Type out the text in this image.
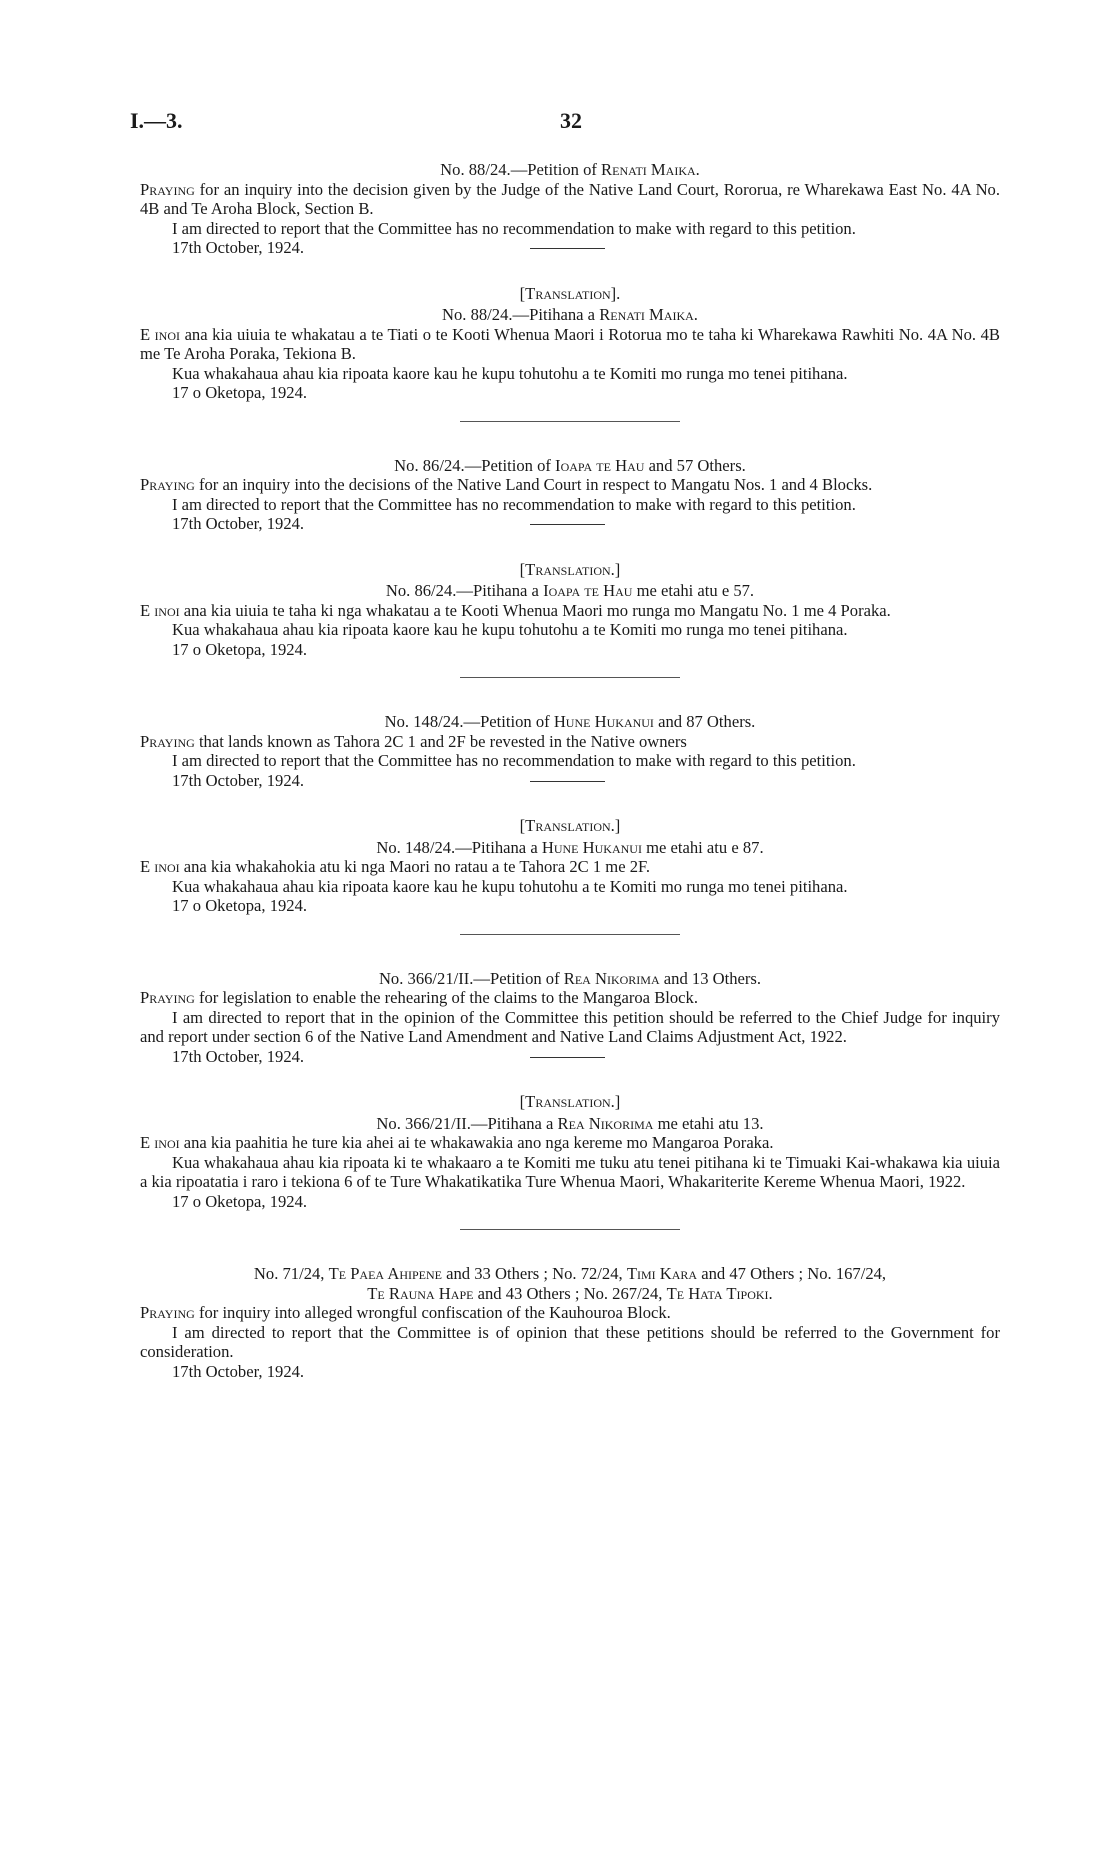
I.—3.	32

No. 88/24.—Petition of Renati Maika.

Praying for an inquiry into the decision given by the Judge of the Native Land Court, Rororua, re Wharekawa East No. 4A No. 4B and Te Aroha Block, Section B.

I am directed to report that the Committee has no recommendation to make with regard to this petition.

17th October, 1924.

[Translation].

No. 88/24.—Pitihana a Renati Maika.

E inoi ana kia uiuia te whakatau a te Tiati o te Kooti Whenua Maori i Rotorua mo te taha ki Wharekawa Rawhiti No. 4A No. 4B me Te Aroha Poraka, Tekiona B.

Kua whakahaua ahau kia ripoata kaore kau he kupu tohutohu a te Komiti mo runga mo tenei pitihana.

17 o Oketopa, 1924.

No. 86/24.—Petition of Ioapa te Hau and 57 Others.

Praying for an inquiry into the decisions of the Native Land Court in respect to Mangatu Nos. 1 and 4 Blocks.

I am directed to report that the Committee has no recommendation to make with regard to this petition.

17th October, 1924.

[Translation.]

No. 86/24.—Pitihana a Ioapa te Hau me etahi atu e 57.

E inoi ana kia uiuia te taha ki nga whakatau a te Kooti Whenua Maori mo runga mo Mangatu No. 1 me 4 Poraka.

Kua whakahaua ahau kia ripoata kaore kau he kupu tohutohu a te Komiti mo runga mo tenei pitihana.

17 o Oketopa, 1924.

No. 148/24.—Petition of Hune Hukanui and 87 Others.

Praying that lands known as Tahora 2C 1 and 2F be revested in the Native owners

I am directed to report that the Committee has no recommendation to make with regard to this petition.

17th October, 1924.

[Translation.]

No. 148/24.—Pitihana a Hune Hukanui me etahi atu e 87.

E inoi ana kia whakahokia atu ki nga Maori no ratau a te Tahora 2C 1 me 2F.

Kua whakahaua ahau kia ripoata kaore kau he kupu tohutohu a te Komiti mo runga mo tenei pitihana.

17 o Oketopa, 1924.

No. 366/21/II.—Petition of Rea Nikorima and 13 Others.

Praying for legislation to enable the rehearing of the claims to the Mangaroa Block.

I am directed to report that in the opinion of the Committee this petition should be referred to the Chief Judge for inquiry and report under section 6 of the Native Land Amendment and Native Land Claims Adjustment Act, 1922.

17th October, 1924.

[Translation.]

No. 366/21/II.—Pitihana a Rea Nikorima me etahi atu 13.

E inoi ana kia paahitia he ture kia ahei ai te whakawakia ano nga kereme mo Mangaroa Poraka.

Kua whakahaua ahau kia ripoata ki te whakaaro a te Komiti me tuku atu tenei pitihana ki te Timuaki Kai-whakawa kia uiuia a kia ripoatatia i raro i tekiona 6 of te Ture Whakatikatika Ture Whenua Maori, Whakariterite Kereme Whenua Maori, 1922.

17 o Oketopa, 1924.

No. 71/24, Te Paea Ahipene and 33 Others ; No. 72/24, Timi Kara and 47 Others ; No. 167/24,

Te Rauna Hape and 43 Others ; No. 267/24, Te Hata Tipoki.

Praying for inquiry into alleged wrongful confiscation of the Kauhouroa Block.

I am directed to report that the Committee is of opinion that these petitions should be referred to the Government for consideration.

17th October, 1924.
